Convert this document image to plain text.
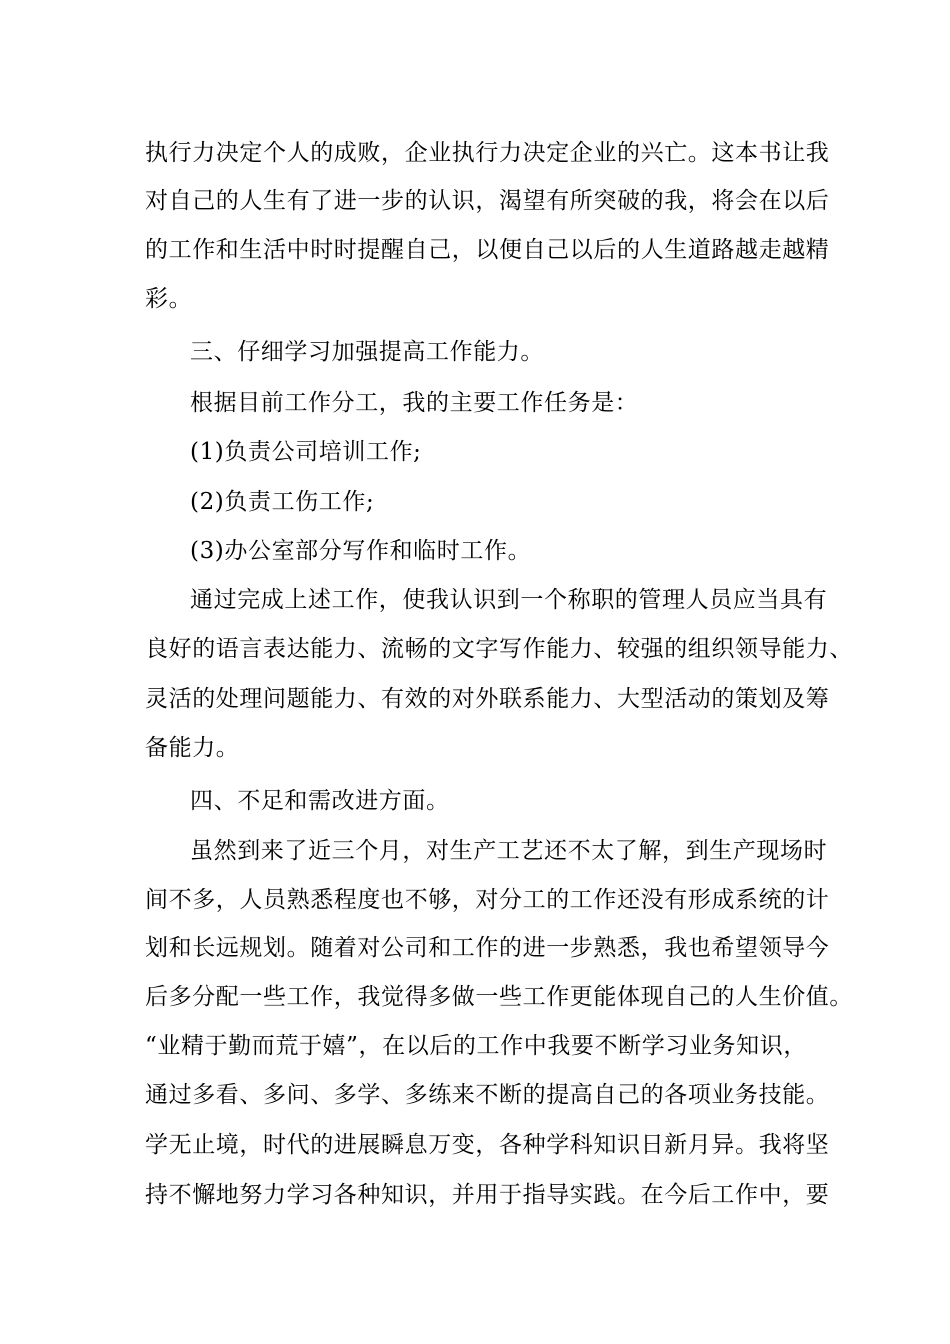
执行力决定个人的成败，企业执行力决定企业的兴亡。这本书让我
对自己的人生有了进一步的认识，渴望有所突破的我，将会在以后
的工作和生活中时时提醒自己，以便自己以后的人生道路越走越精
彩。
三、仔细学习加强提高工作能力。
根据目前工作分工，我的主要工作任务是：
(1)负责公司培训工作;
(2)负责工伤工作;
(3)办公室部分写作和临时工作。
通过完成上述工作，使我认识到一个称职的管理人员应当具有
良好的语言表达能力、流畅的文字写作能力、较强的组织领导能力、
灵活的处理问题能力、有效的对外联系能力、大型活动的策划及筹
备能力。
四、不足和需改进方面。
虽然到来了近三个月，对生产工艺还不太了解，到生产现场时
间不多，人员熟悉程度也不够，对分工的工作还没有形成系统的计
划和长远规划。随着对公司和工作的进一步熟悉，我也希望领导今
后多分配一些工作，我觉得多做一些工作更能体现自己的人生价值。
“业精于勤而荒于嬉”，在以后的工作中我要不断学习业务知识，
通过多看、多问、多学、多练来不断的提高自己的各项业务技能。
学无止境，时代的进展瞬息万变，各种学科知识日新月异。我将坚
持不懈地努力学习各种知识，并用于指导实践。在今后工作中，要
